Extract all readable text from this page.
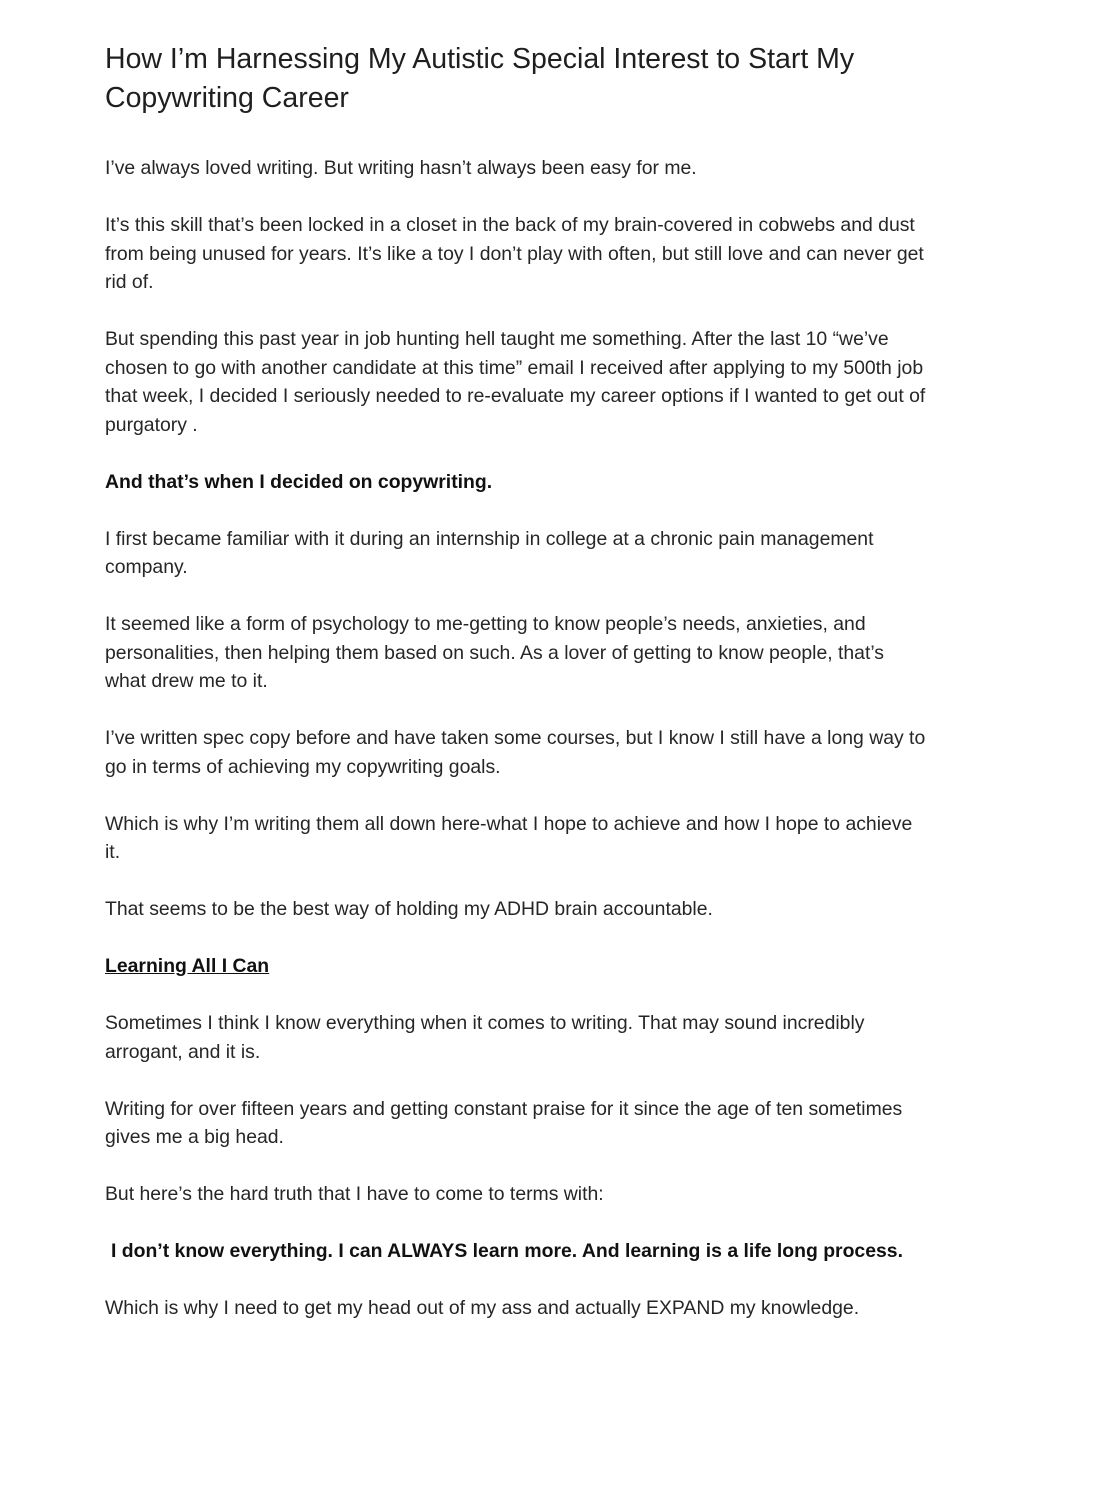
How I’m Harnessing My Autistic Special Interest to Start My
Copywriting Career

I’ve always loved writing. But writing hasn’t always been easy for me.

It’s this skill that’s been locked in a closet in the back of my brain-covered in cobwebs and dust
from being unused for years. It’s like a toy I don’t play with often, but still love and can never get
rid of.

But spending this past year in job hunting hell taught me something. After the last 10 “we’ve
chosen to go with another candidate at this time” email I received after applying to my 500th job
that week, I decided I seriously needed to re-evaluate my career options if I wanted to get out of
purgatory .

And that’s when I decided on copywriting.

I first became familiar with it during an internship in college at a chronic pain management
company.

It seemed like a form of psychology to me-getting to know people’s needs, anxieties, and
personalities, then helping them based on such. As a lover of getting to know people, that’s
what drew me to it.

I’ve written spec copy before and have taken some courses, but I know I still have a long way to
go in terms of achieving my copywriting goals.

Which is why I’m writing them all down here-what I hope to achieve and how I hope to achieve
it.

That seems to be the best way of holding my ADHD brain accountable.

Learning All I Can

Sometimes I think I know everything when it comes to writing. That may sound incredibly
arrogant, and it is.

Writing for over fifteen years and getting constant praise for it since the age of ten sometimes
gives me a big head.

But here’s the hard truth that I have to come to terms with:

I don’t know everything. I can ALWAYS learn more. And learning is a life long process.

Which is why I need to get my head out of my ass and actually EXPAND my knowledge.
